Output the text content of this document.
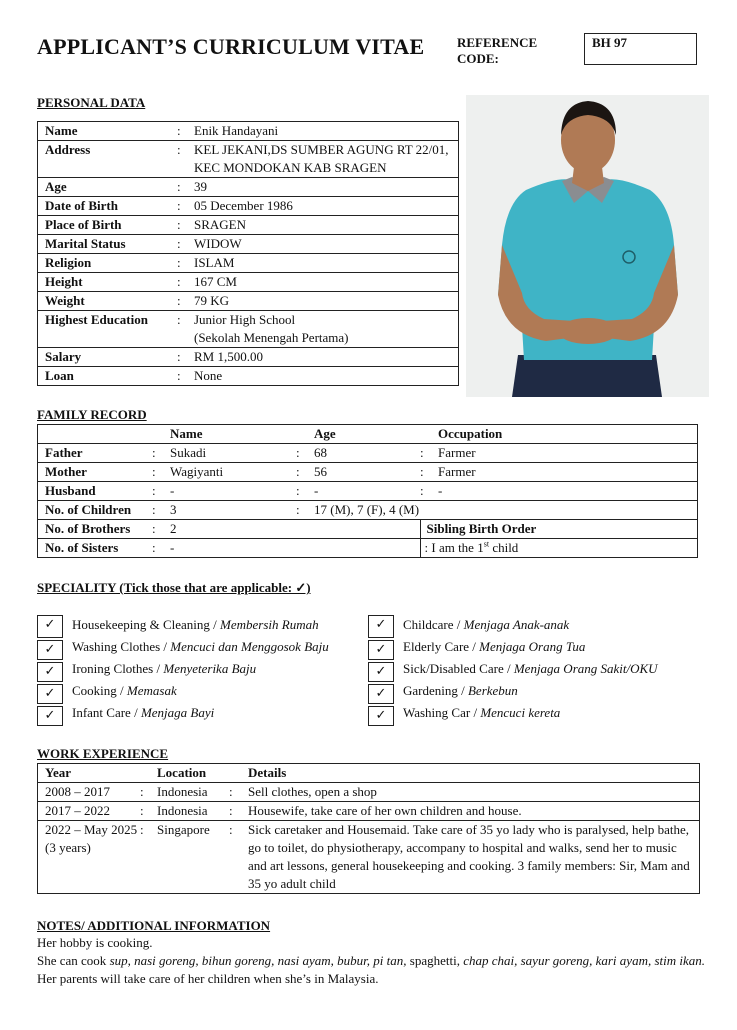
APPLICANT’S CURRICULUM VITAE	REFERENCE
CODE:
BH 97
PERSONAL DATA
Name	:	Enik Handayani

Address	:	KEL JEKANI,DS SUMBER AGUNG RT 22/01, KEC MONDOKAN KAB SRAGEN

Age	:	39

Date of Birth	:	05 December 1986

Place of Birth	:	SRAGEN

Marital Status	:	WIDOW

Religion	:	ISLAM

Height	:	167 CM

Weight	:	79 KG

Highest Education	:	Junior High School
(Sekolah Menengah Pertama)

Salary	:	RM 1,500.00

Loan	:	None
FAMILY RECORD
		Name		Age		Occupation
Father	:	Sukadi	:	68	:	Farmer
Mother	:	Wagiyanti	:	56	:	Farmer
Husband	:	-	:	-	:	-
No. of Children	:	3	:	17 (M), 7 (F), 4 (M)		
No. of Brothers	:	2			Sibling Birth Order	
No. of Sisters	:	-			: I am the 1st child	
SPECIALITY (Tick those that are applicable: ✓)
✓	Housekeeping & Cleaning / Membersih Rumah
✓	Washing Clothes / Mencuci dan Menggosok Baju
✓	Ironing Clothes / Menyeterika Baju
✓	Cooking / Memasak
✓	Infant Care / Menjaga Bayi
✓	Childcare / Menjaga Anak-anak
✓	Elderly Care / Menjaga Orang Tua
✓	Sick/Disabled Care / Menjaga Orang Sakit/OKU
✓	Gardening / Berkebun
✓	Washing Car / Mencuci kereta
WORK EXPERIENCE
Year		Location		Details
2008 – 2017	:	Indonesia	:	Sell clothes, open a shop
2017 – 2022	:	Indonesia	:	Housewife, take care of her own children and house.
2022 – May 2025 (3 years)	:	Singapore	:	Sick caretaker and Housemaid. Take care of 35 yo lady who is paralysed, help bathe, go to toilet, do physiotherapy, accompany to hospital and walks, send her to music and art lessons, general housekeeping and cooking. 3 family members: Sir, Mam and 35 yo adult child
NOTES/ ADDITIONAL INFORMATION

Her hobby is cooking.

She can cook sup, nasi goreng, bihun goreng, nasi ayam, bubur, pi tan, spaghetti, chap chai, sayur goreng, kari ayam, stim ikan.

Her parents will take care of her children when she’s in Malaysia.
